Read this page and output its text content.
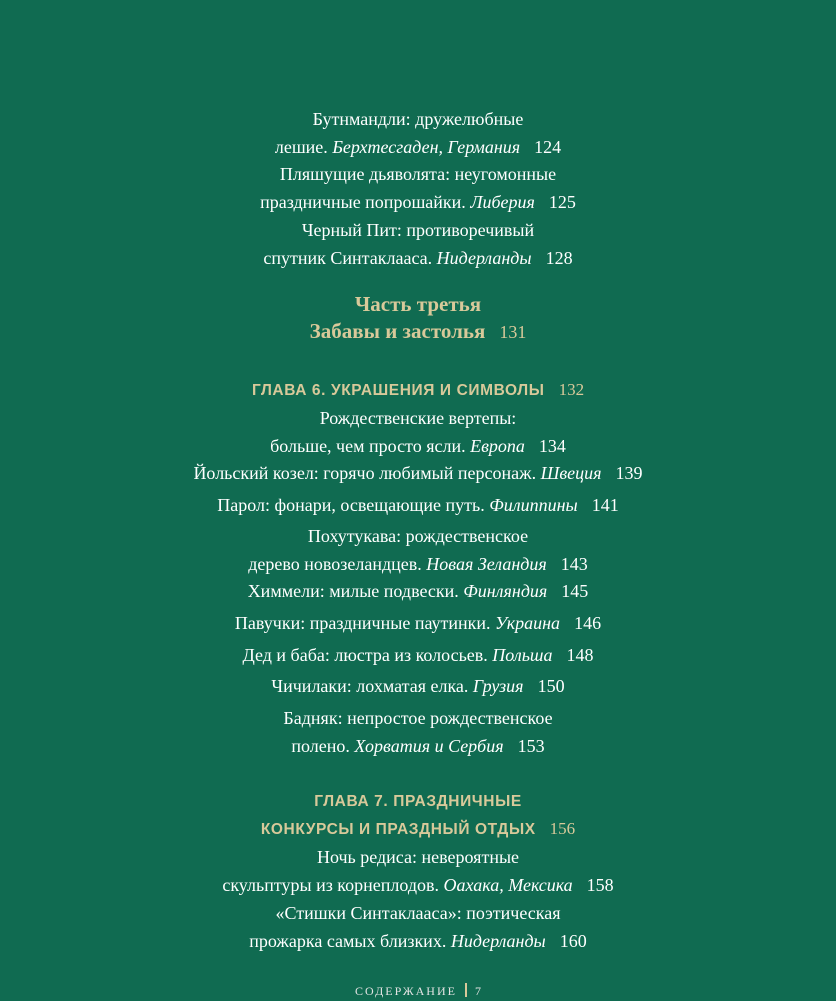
Бутнмандли: дружелюбные
лешие. Берхтесгаден, Германия 124
Пляшущие дьяволята: неугомонные
праздничные попрошайки. Либерия 125
Черный Пит: противоречивый
спутник Синтаклааса. Нидерланды 128
Часть третья
Забавы и застолья 131
ГЛАВА 6. УКРАШЕНИЯ И СИМВОЛЫ 132
Рождественские вертепы:
больше, чем просто ясли. Европа 134
Йольский козел: горячо любимый персонаж. Швеция 139
Парол: фонари, освещающие путь. Филиппины 141
Похутукава: рождественское
дерево новозеландцев. Новая Зеландия 143
Химмели: милые подвески. Финляндия 145
Павучки: праздничные паутинки. Украина 146
Дед и баба: люстра из колосьев. Польша 148
Чичилаки: лохматая елка. Грузия 150
Бадняк: непростое рождественское
полено. Хорватия и Сербия 153
ГЛАВА 7. ПРАЗДНИЧНЫЕ
КОНКУРСЫ И ПРАЗДНЫЙ ОТДЫХ 156
Ночь редиса: невероятные
скульптуры из корнеплодов. Оахака, Мексика 158
«Стишки Синтаклааса»: поэтическая
прожарка самых близких. Нидерланды 160
СОДЕРЖАНИЕ 7
